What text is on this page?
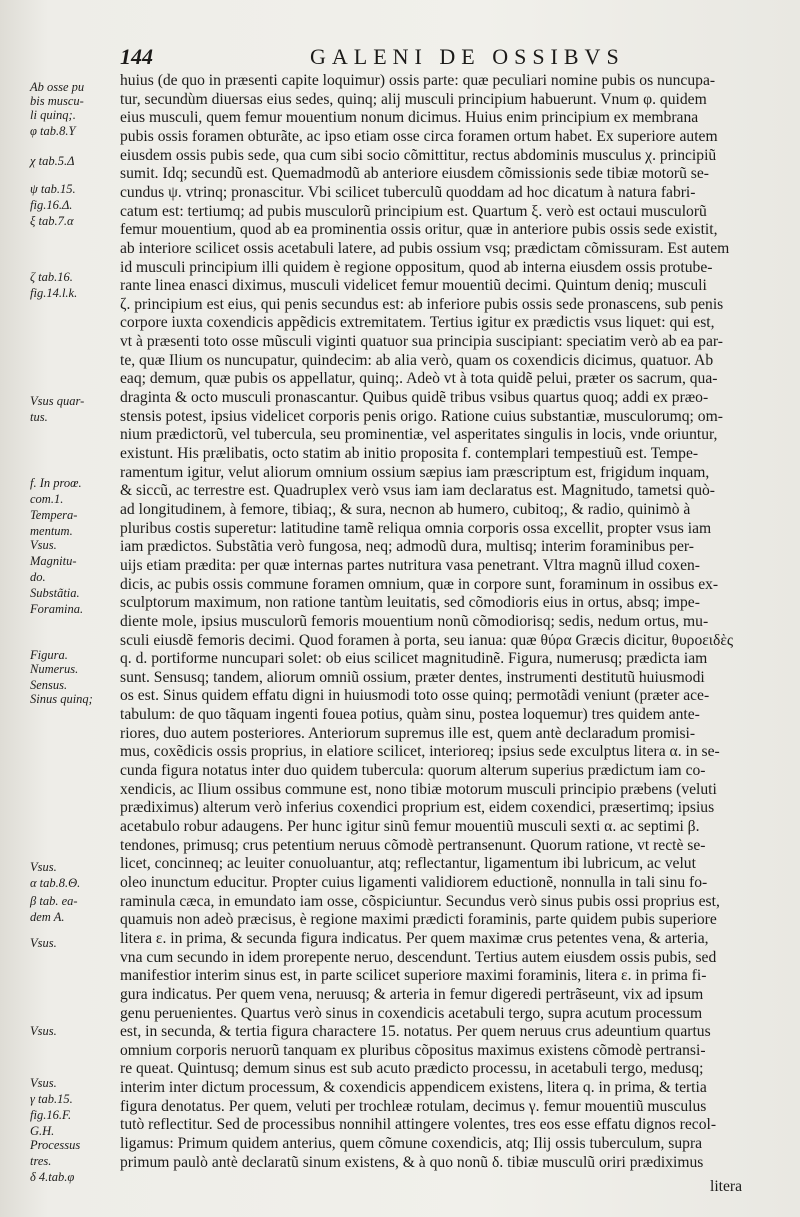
144	GALENI DE OSSIBVS
Ab osse pu
bis muscu-
li quinq;.
φ tab.8.Υ
χ tab.5.Δ
ψ tab.15.
fig.16.Δ.
ξ tab.7.α
ζ tab.16.
fig.14.l.k.
Vsus quar-
tus.
f. In proœ.
com.1.
Tempera-
mentum.
Vsus.
Magnitu-
do.
Substãtia.
Foramina.
Figura.
Numerus.
Sensus.
Sinus quinq;
Vsus.
α tab.8.Θ.
β tab. ea-
dem A.
Vsus.
Vsus.
Vsus.
γ tab.15.
fig.16.F.
G.H.
Processus
tres.
δ 4.tab.φ
huius (de quo in præsenti capite loquimur) ossis parte: quæ peculiari nomine pubis os nuncupa-
tur, secundùm diuersas eius sedes, quinq; alij musculi principium habuerunt. Vnum φ. quidem
eius musculi, quem femur mouentium nonum dicimus. Huius enim principium ex membrana
pubis ossis foramen obturãte, ac ipso etiam osse circa foramen ortum habet. Ex superiore autem
eiusdem ossis pubis sede, qua cum sibi socio cõmittitur, rectus abdominis musculus χ. principiũ
sumit. Idq; secundũ est. Quemadmodũ ab anteriore eiusdem cõmissionis sede tibiæ motorũ se-
cundus ψ. vtrinq; pronascitur. Vbi scilicet tuberculũ quoddam ad hoc dicatum à natura fabri-
catum est: tertiumq; ad pubis musculorũ principium est. Quartum ξ. verò est octaui musculorũ
femur mouentium, quod ab ea prominentia ossis oritur, quæ in anteriore pubis ossis sede existit,
ab interiore scilicet ossis acetabuli latere, ad pubis ossium vsq; prædictam cõmissuram. Est autem
id musculi principium illi quidem è regione oppositum, quod ab interna eiusdem ossis protube-
rante linea enasci diximus, musculi videlicet femur mouentiũ decimi. Quintum deniq; musculi
ζ. principium est eius, qui penis secundus est: ab inferiore pubis ossis sede pronascens, sub penis
corpore iuxta coxendicis appẽdicis extremitatem. Tertius igitur ex prædictis vsus liquet: qui est,
vt à præsenti toto osse mũsculi viginti quatuor sua principia suscipiant: speciatim verò ab ea par-
te, quæ Ilium os nuncupatur, quindecim: ab alia verò, quam os coxendicis dicimus, quatuor. Ab
eaq; demum, quæ pubis os appellatur, quinq;. Adeò vt à tota quidẽ pelui, præter os sacrum, qua-
draginta & octo musculi pronascantur. Quibus quidẽ tribus vsibus quartus quoq; addi ex præo-
stensis potest, ipsius videlicet corporis penis origo. Ratione cuius substantiæ, musculorumq; om-
nium prædictorũ, vel tubercula, seu prominentiæ, vel asperitates singulis in locis, vnde oriuntur,
existunt. His prælibatis, octo statim ab initio proposita f. contemplari tempestiuũ est. Tempe-
ramentum igitur, velut aliorum omnium ossium sæpius iam præscriptum est, frigidum inquam,
& siccũ, ac terrestre est. Quadruplex verò vsus iam iam declaratus est. Magnitudo, tametsi quò-
ad longitudinem, à femore, tibiaq;, & sura, necnon ab humero, cubitoq;, & radio, quinimò à
pluribus costis superetur: latitudine tamẽ reliqua omnia corporis ossa excellit, propter vsus iam
iam prædictos. Substãtia verò fungosa, neq; admodũ dura, multisq; interim foraminibus per-
uijs etiam prædita: per quæ internas partes nutritura vasa penetrant. Vltra magnũ illud coxen-
dicis, ac pubis ossis commune foramen omnium, quæ in corpore sunt, foraminum in ossibus ex-
sculptorum maximum, non ratione tantùm leuitatis, sed cõmodioris eius in ortus, absq; impe-
diente mole, ipsius musculorũ femoris mouentium nonũ cõmodiorisq; sedis, nedum ortus, mu-
sculi eiusdẽ femoris decimi. Quod foramen à porta, seu ianua: quæ θύρα Græcis dicitur, θυροειδὲς
q. d. portiforme nuncupari solet: ob eius scilicet magnitudinẽ. Figura, numerusq; prædicta iam
sunt. Sensusq; tandem, aliorum omniũ ossium, præter dentes, instrumenti destitutũ huiusmodi
os est. Sinus quidem effatu digni in huiusmodi toto osse quinq; permotãdi veniunt (præter ace-
tabulum: de quo tãquam ingenti fouea potius, quàm sinu, postea loquemur) tres quidem ante-
riores, duo autem posteriores. Anteriorum supremus ille est, quem antè declaradum promisi-
mus, coxẽdicis ossis proprius, in elatiore scilicet, interioreq; ipsius sede exculptus litera α. in se-
cunda figura notatus inter duo quidem tubercula: quorum alterum superius prædictum iam co-
xendicis, ac Ilium ossibus commune est, nono tibiæ motorum musculi principio præbens (veluti
prædiximus) alterum verò inferius coxendici proprium est, eidem coxendici, præsertimq; ipsius
acetabulo robur adaugens. Per hunc igitur sinũ femur mouentiũ musculi sexti α. ac septimi β.
tendones, primusq; crus petentium neruus cõmodè pertransenunt. Quorum ratione, vt rectè se-
licet, concinneq; ac leuiter conuoluantur, atq; reflectantur, ligamentum ibi lubricum, ac velut
oleo inunctum educitur. Propter cuius ligamenti validiorem eductionẽ, nonnulla in tali sinu fo-
raminula cæca, in emundato iam osse, cõspiciuntur. Secundus verò sinus pubis ossi proprius est,
quamuis non adeò præcisus, è regione maximi prædicti foraminis, parte quidem pubis superiore
litera ε. in prima, & secunda figura indicatus. Per quem maximæ crus petentes vena, & arteria,
vna cum secundo in idem prorepente neruo, descendunt. Tertius autem eiusdem ossis pubis, sed
manifestior interim sinus est, in parte scilicet superiore maximi foraminis, litera ε. in prima fi-
gura indicatus. Per quem vena, neruusq; & arteria in femur digeredi pertrãseunt, vix ad ipsum
genu peruenientes. Quartus verò sinus in coxendicis acetabuli tergo, supra acutum processum
est, in secunda, & tertia figura charactere 15. notatus. Per quem neruus crus adeuntium quartus
omnium corporis neruorũ tanquam ex pluribus cõpositus maximus existens cõmodè pertransi-
re queat. Quintusq; demum sinus est sub acuto prædicto processu, in acetabuli tergo, medusq;
interim inter dictum processum, & coxendicis appendicem existens, litera q. in prima, & tertia
figura denotatus. Per quem, veluti per trochleæ rotulam, decimus γ. femur mouentiũ musculus
tutò reflectitur. Sed de processibus nonnihil attingere volentes, tres eos esse effatu dignos recol-
ligamus: Primum quidem anterius, quem cõmune coxendicis, atq; Ilij ossis tuberculum, supra
primum paulò antè declaratũ sinum existens, & à quo nonũ δ. tibiæ musculũ oriri prædiximus
litera
